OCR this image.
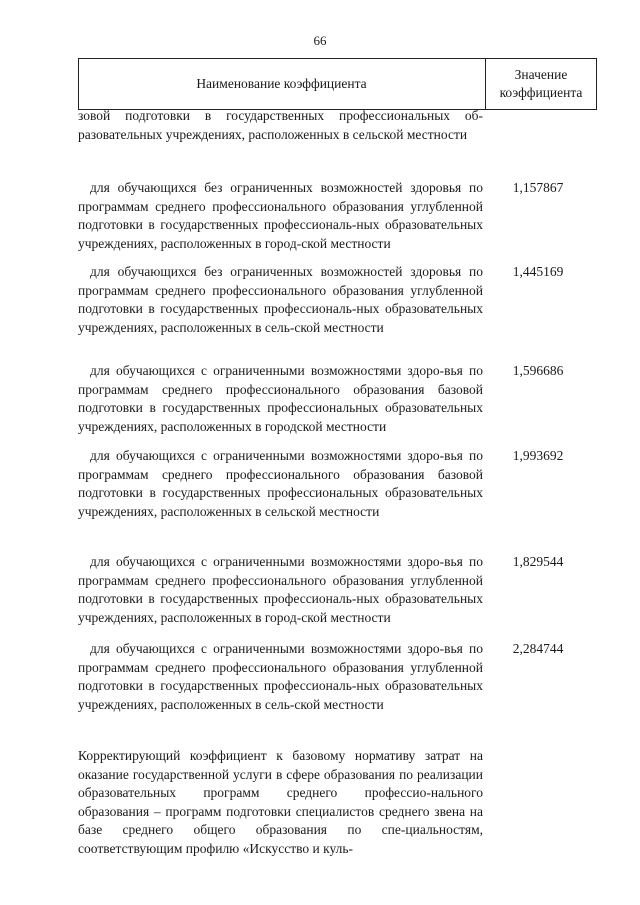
66
Наименование коэффициента
Значение
коэффициента
зовой подготовки в государственных профессиональных об-разовательных учреждениях, расположенных в сельской местности
для обучающихся без ограниченных возможностей здоровья по программам среднего профессионального образования углубленной подготовки в государственных профессиональ-ных образовательных учреждениях, расположенных в город-ской местности
1,157867
для обучающихся без ограниченных возможностей здоровья по программам среднего профессионального образования углубленной подготовки в государственных профессиональ-ных образовательных учреждениях, расположенных в сель-ской местности
1,445169
для обучающихся с ограниченными возможностями здоро-вья по программам среднего профессионального образования базовой подготовки в государственных профессиональных образовательных учреждениях, расположенных в городской местности
1,596686
для обучающихся с ограниченными возможностями здоро-вья по программам среднего профессионального образования базовой подготовки в государственных профессиональных образовательных учреждениях, расположенных в сельской местности
1,993692
для обучающихся с ограниченными возможностями здоро-вья по программам среднего профессионального образования углубленной подготовки в государственных профессиональ-ных образовательных учреждениях, расположенных в город-ской местности
1,829544
для обучающихся с ограниченными возможностями здоро-вья по программам среднего профессионального образования углубленной подготовки в государственных профессиональ-ных образовательных учреждениях, расположенных в сель-ской местности
2,284744
Корректирующий коэффициент к базовому нормативу затрат на оказание государственной услуги в сфере образования по реализации образовательных программ среднего профессио-нального образования – программ подготовки специалистов среднего звена на базе среднего общего образования по спе-циальностям, соответствующим профилю «Искусство и куль-
